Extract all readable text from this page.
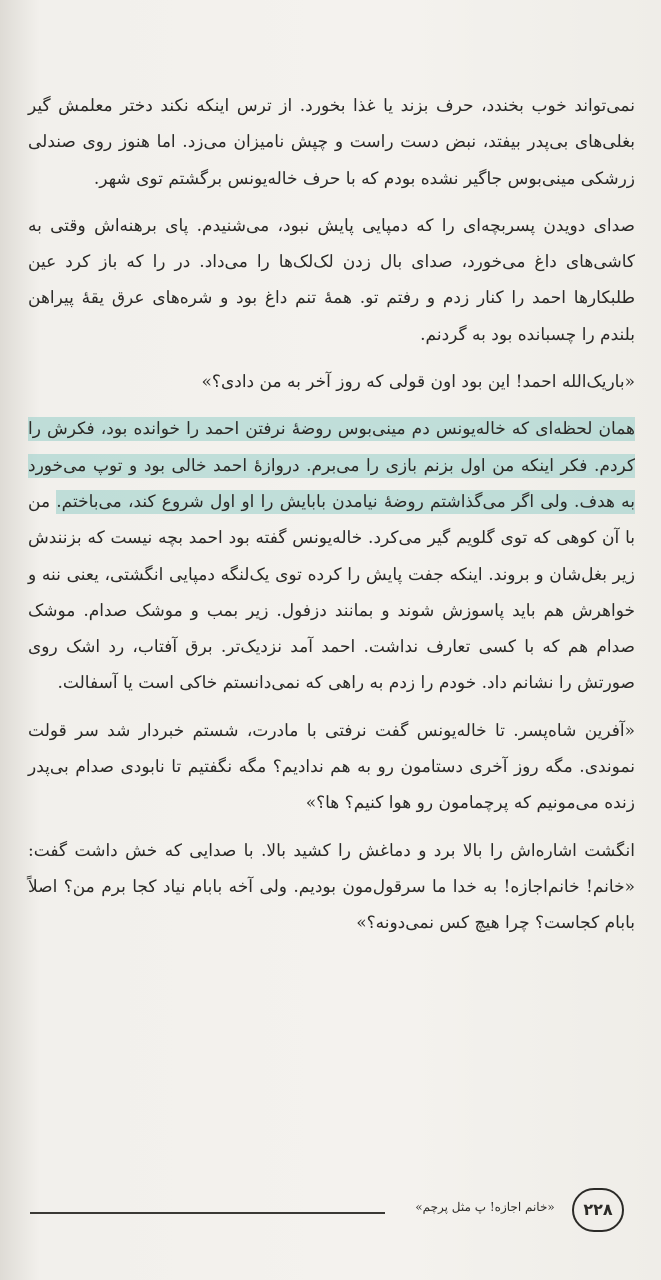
نمی‌تواند خوب بخندد، حرف بزند یا غذا بخورد. از ترس اینکه نکند دختر معلمش گیر بغلی‌های بی‌پدر بیفتد، نبض دست راست و چپش نامیزان می‌زد. اما هنوز روی صندلی زرشکی مینی‌بوس جاگیر نشده بودم که با حرف خاله‌یونس برگشتم توی شهر.

صدای دویدن پسربچه‌ای را که دمپایی پایش نبود، می‌شنیدم. پای برهنه‌اش وقتی به کاشی‌های داغ می‌خورد، صدای بال زدن لک‌لک‌ها را می‌داد. در را که باز کرد عین طلبکارها احمد را کنار زدم و رفتم تو. همهٔ تنم داغ بود و شره‌های عرق یقهٔ پیراهن بلندم را چسبانده بود به گردنم.

«باریک‌الله احمد! این بود اون قولی که روز آخر به من دادی؟»

همان لحظه‌ای که خاله‌یونس دم مینی‌بوس روضهٔ نرفتن احمد را خوانده بود، فکرش را کردم. فکر اینکه من اول بزنم بازی را می‌برم. دروازهٔ احمد خالی بود و توپ می‌خورد به هدف. ولی اگر می‌گذاشتم روضهٔ نیامدن بابایش را او اول شروع کند، می‌باختم. من با آن کوهی که توی گلویم گیر می‌کرد. خاله‌یونس گفته بود احمد بچه نیست که بزنندش زیر بغل‌شان و بروند. اینکه جفت پایش را کرده توی یک‌لنگه دمپایی انگشتی، یعنی ننه و خواهرش هم باید پاسوزش شوند و بمانند دزفول. زیر بمب و موشک صدام. موشک صدام هم که با کسی تعارف نداشت. احمد آمد نزدیک‌تر. برق آفتاب، رد اشک روی صورتش را نشانم داد. خودم را زدم به راهی که نمی‌دانستم خاکی است یا آسفالت.

«آفرین شاه‌پسر. تا خاله‌یونس گفت نرفتی با مادرت، شستم خبردار شد سر قولت نموندی. مگه روز آخری دستامون رو به هم ندادیم؟ مگه نگفتیم تا نابودی صدام بی‌پدر زنده می‌مونیم که پرچمامون رو هوا کنیم؟ ها؟»

انگشت اشاره‌اش را بالا برد و دماغش را کشید بالا. با صدایی که خش داشت گفت: «خانم! خانم‌اجازه! به خدا ما سرقول‌مون بودیم. ولی آخه بابام نیاد کجا برم من؟ اصلاً بابام کجاست؟ چرا هیچ کس نمی‌دونه؟»

«خانم اجازه! پ مثل پرچم»	۲۲۸
